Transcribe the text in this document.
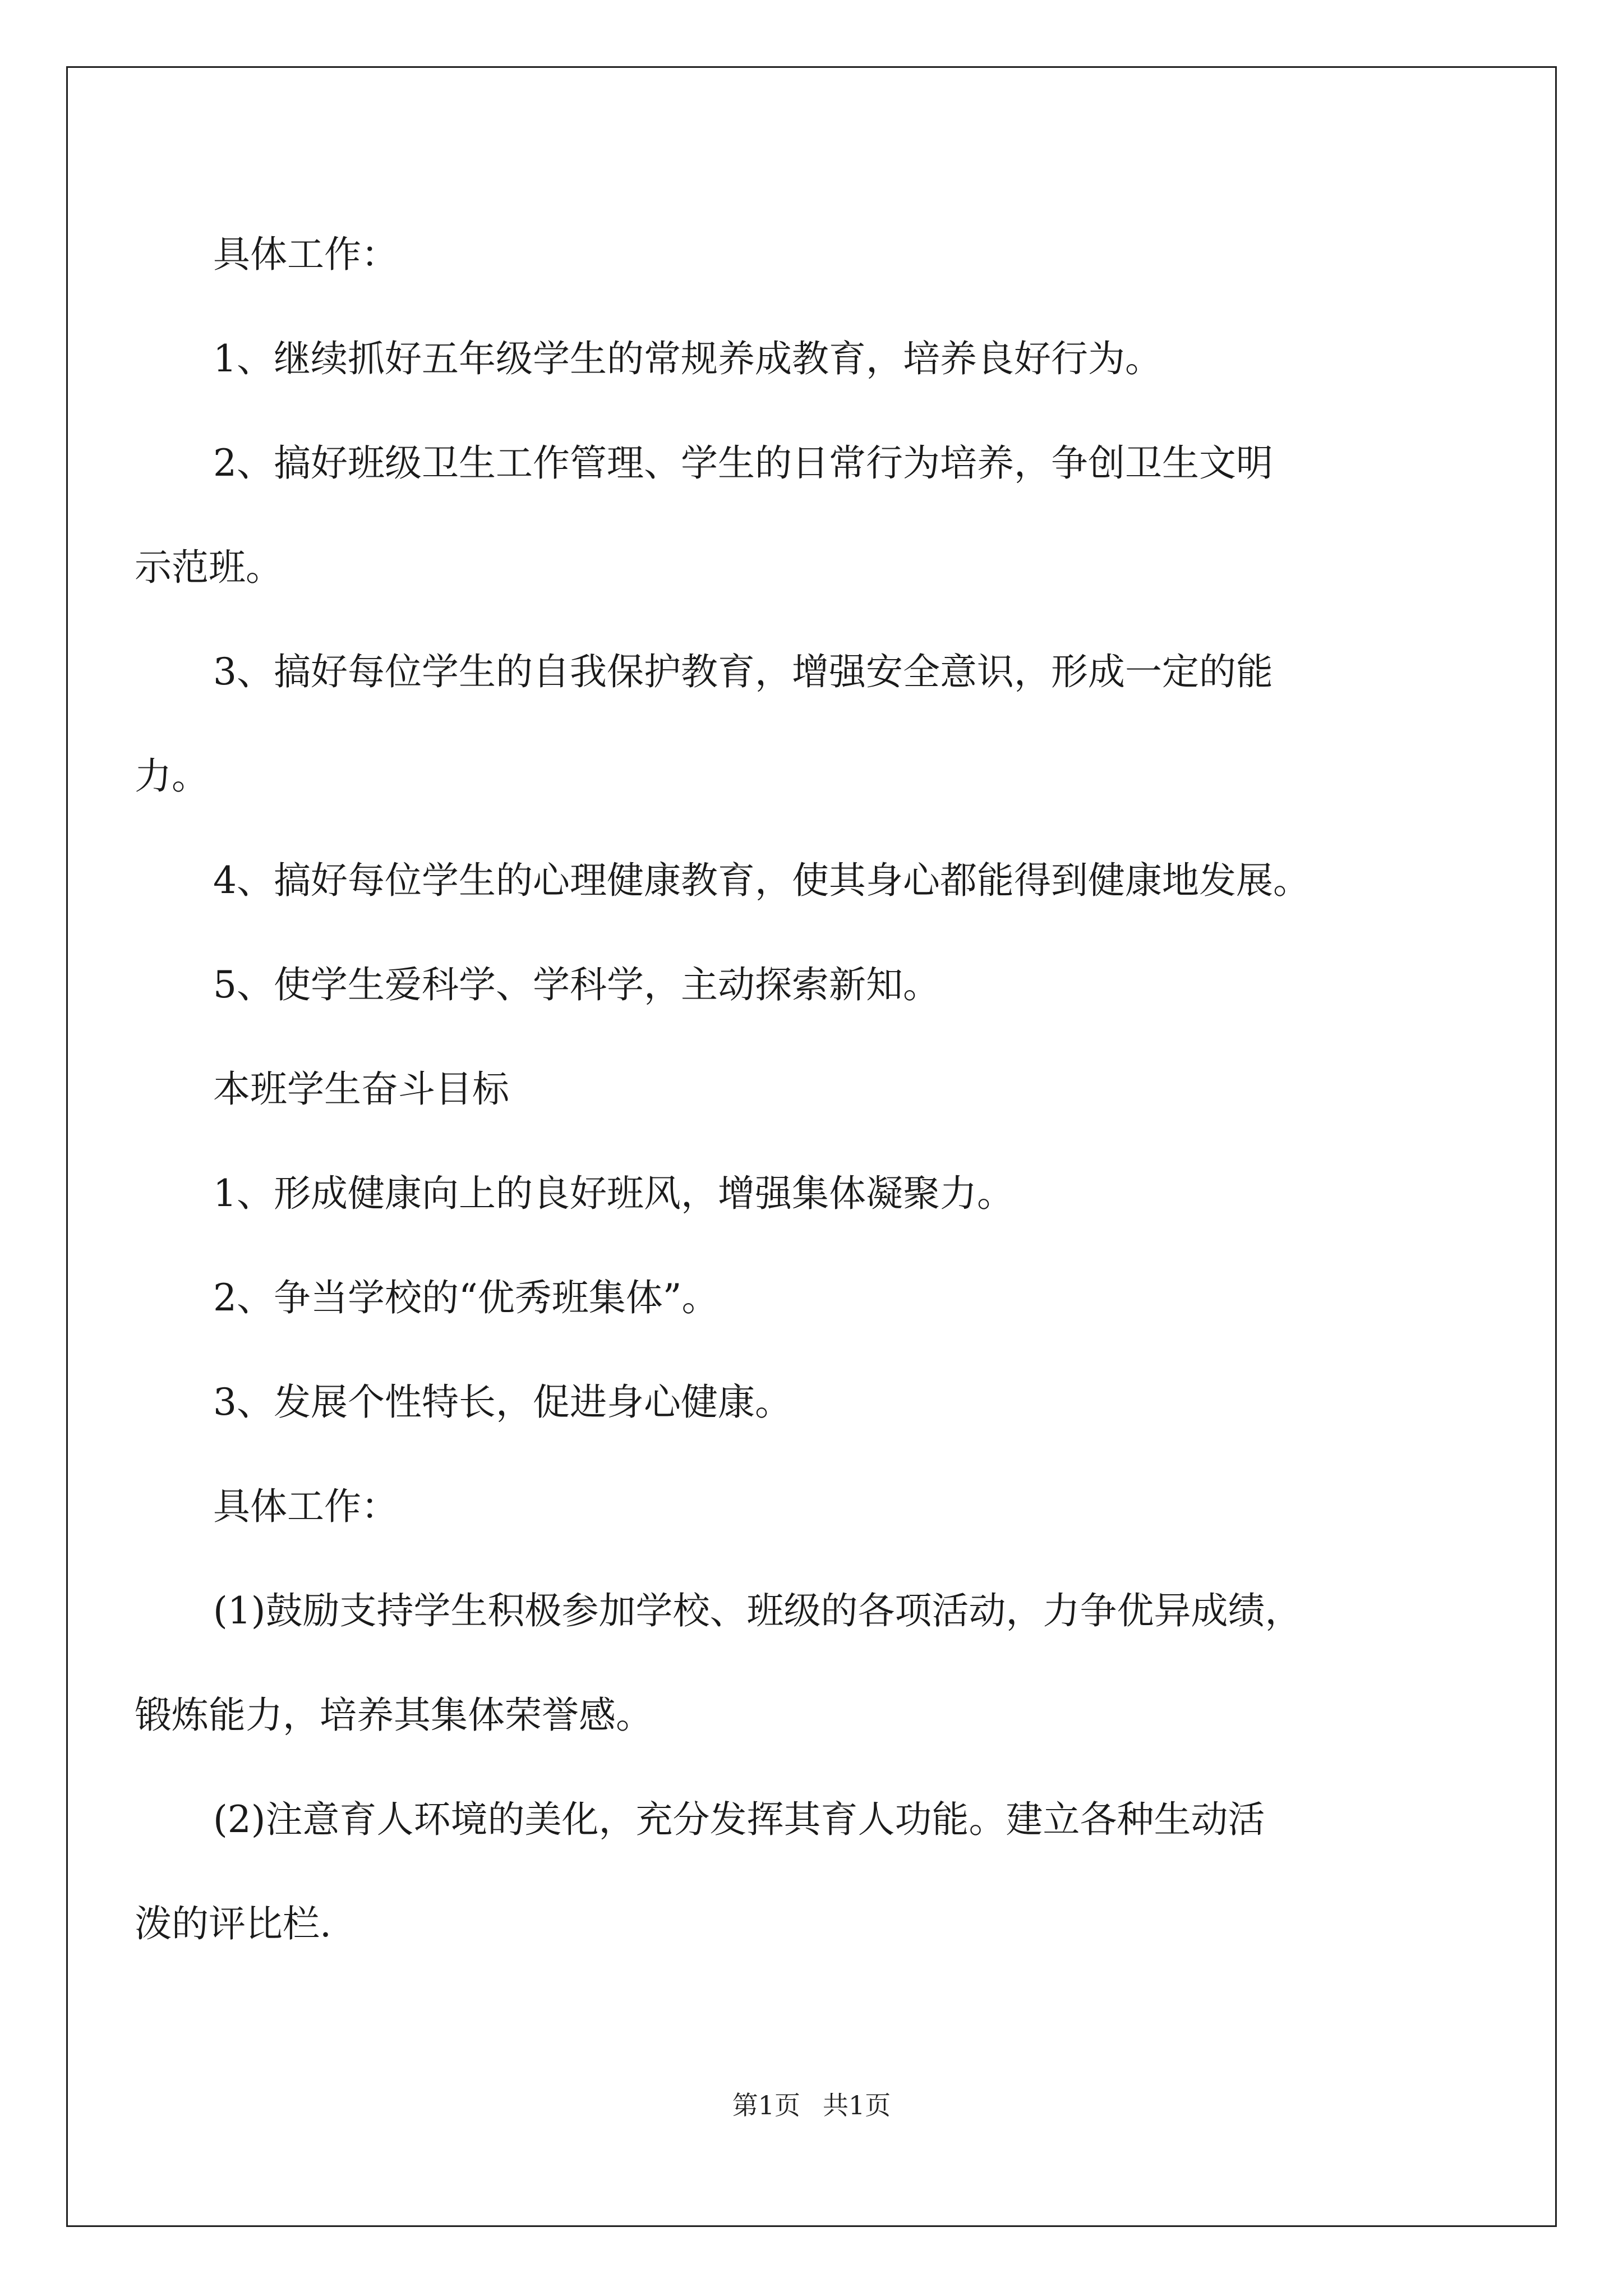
具体工作：
1、继续抓好五年级学生的常规养成教育，培养良好行为。
2、搞好班级卫生工作管理、学生的日常行为培养，争创卫生文明
示范班。
3、搞好每位学生的自我保护教育，增强安全意识，形成一定的能
力。
4、搞好每位学生的心理健康教育，使其身心都能得到健康地发展。
5、使学生爱科学、学科学，主动探索新知。
本班学生奋斗目标
1、形成健康向上的良好班风，增强集体凝聚力。
2、争当学校的“优秀班集体”。
3、发展个性特长，促进身心健康。
具体工作：
(1)鼓励支持学生积极参加学校、班级的各项活动，力争优异成绩，
锻炼能力，培养其集体荣誉感。
(2)注意育人环境的美化，充分发挥其育人功能。建立各种生动活
泼的评比栏.
第1页 共1页
